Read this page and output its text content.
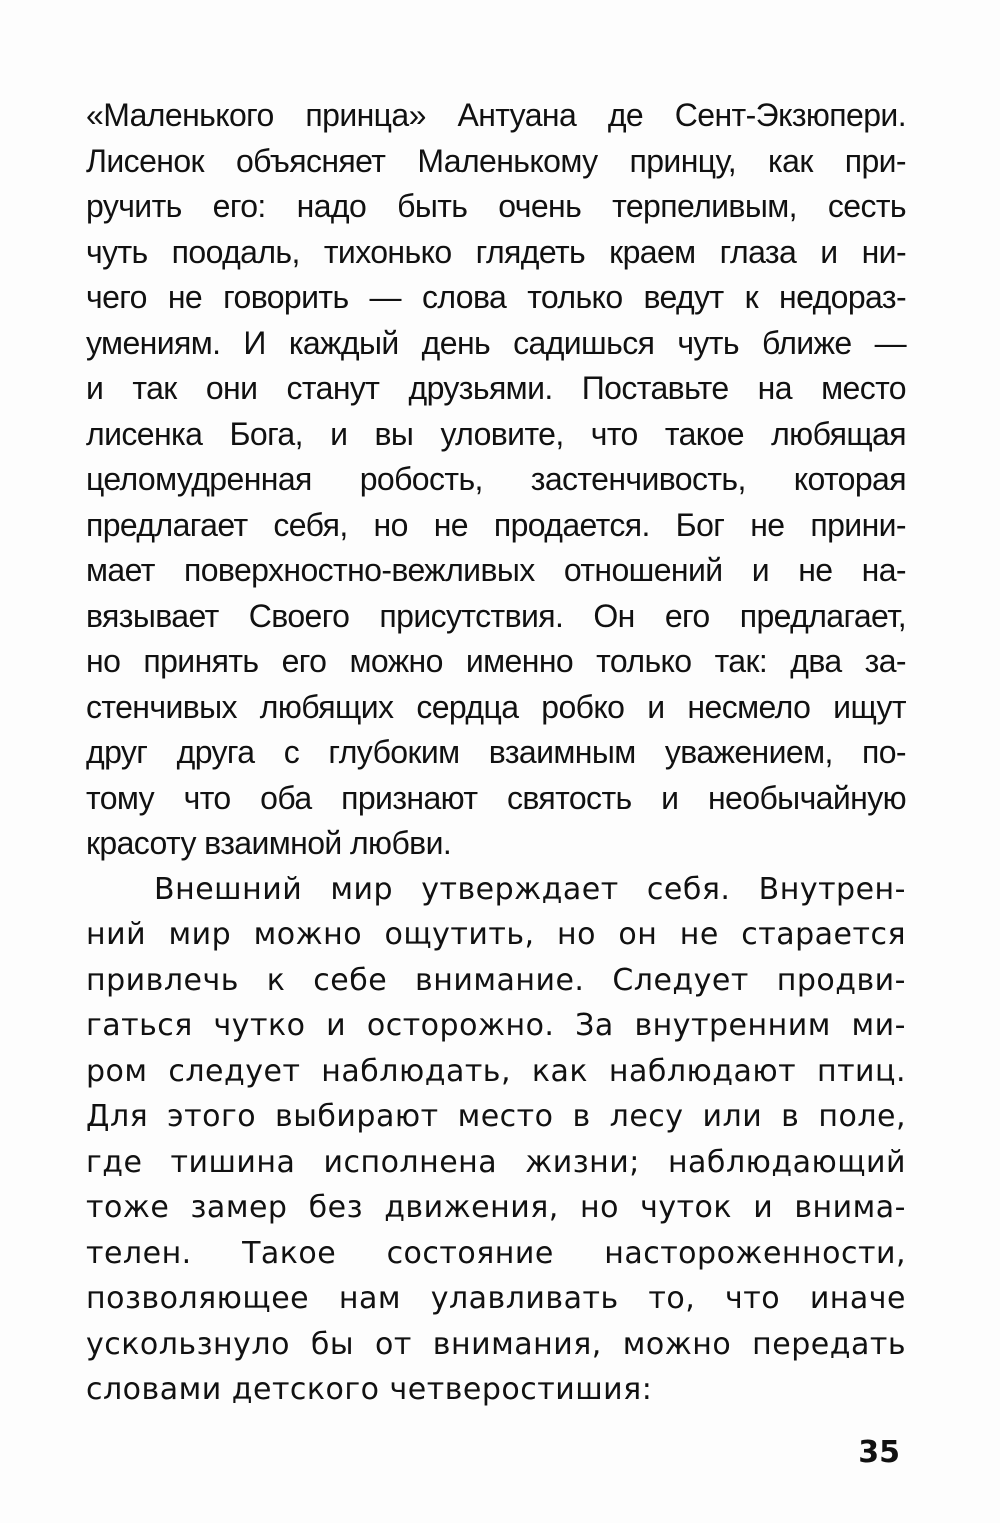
«Маленького принца» Антуана де Сент-Экзюпери.
Лисенок объясняет Маленькому принцу, как при-
ручить его: надо быть очень терпеливым, сесть
чуть поодаль, тихонько глядеть краем глаза и ни-
чего не говорить — слова только ведут к недораз-
умениям. И каждый день садишься чуть ближе —
и так они станут друзьями. Поставьте на место
лисенка Бога, и вы уловите, что такое любящая
целомудренная робость, застенчивость, которая
предлагает себя, но не продается. Бог не прини-
мает поверхностно-вежливых отношений и не на-
вязывает Своего присутствия. Он его предлагает,
но принять его можно именно только так: два за-
стенчивых любящих сердца робко и несмело ищут
друг друга с глубоким взаимным уважением, по-
тому что оба признают святость и необычайную
красоту взаимной любви.
Внешний мир утверждает себя. Внутрен-
ний мир можно ощутить, но он не старается
привлечь к себе внимание. Следует продви-
гаться чутко и осторожно. За внутренним ми-
ром следует наблюдать, как наблюдают птиц.
Для этого выбирают место в лесу или в поле,
где тишина исполнена жизни; наблюдающий
тоже замер без движения, но чуток и внима-
телен. Такое состояние настороженности,
позволяющее нам улавливать то, что иначе
ускользнуло бы от внимания, можно передать
словами детского четверостишия:
35
